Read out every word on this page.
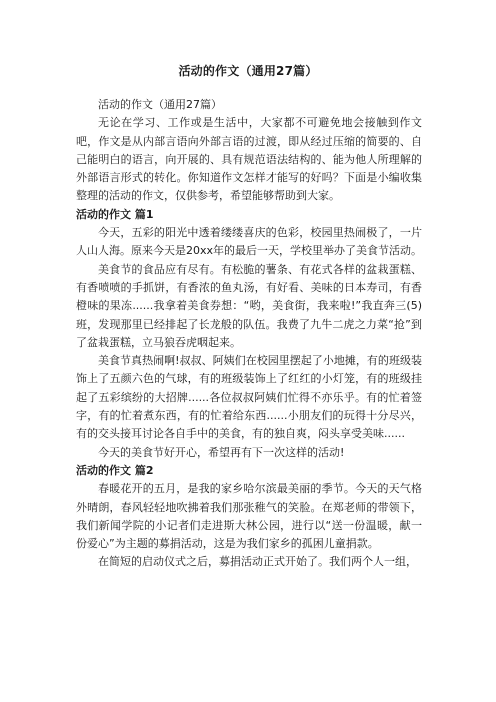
活动的作文（通用27篇）

活动的作文（通用27篇）

无论在学习、工作或是生活中，大家都不可避免地会接触到作文吧，作文是从内部言语向外部言语的过渡，即从经过压缩的简要的、自己能明白的语言，向开展的、具有规范语法结构的、能为他人所理解的外部语言形式的转化。你知道作文怎样才能写的好吗？下面是小编收集整理的活动的作文，仅供参考，希望能够帮助到大家。

活动的作文 篇1

今天，五彩的阳光中透着缕缕喜庆的色彩，校园里热闹极了，一片人山人海。原来今天是20xx年的最后一天，学校里举办了美食节活动。

美食节的食品应有尽有。有松脆的薯条、有花式各样的盆栽蛋糕、有香喷喷的手抓饼，有香浓的鱼丸汤，有好看、美味的日本寿司，有香橙味的果冻......我拿着美食券想：“哟，美食街，我来啦!”我直奔三(5)班，发现那里已经排起了长龙般的队伍。我费了九牛二虎之力菜“抢”到了盆栽蛋糕，立马狼吞虎咽起来。

美食节真热闹啊!叔叔、阿姨们在校园里摆起了小地摊，有的班级装饰上了五颜六色的气球，有的班级装饰上了红红的小灯笼，有的班级挂起了五彩缤纷的大招牌......各位叔叔阿姨们忙得不亦乐乎。有的忙着签字，有的忙着煮东西，有的忙着给东西......小朋友们的玩得十分尽兴，有的交头接耳讨论各自手中的美食，有的独自爽，闷头享受美味......

今天的美食节好开心，希望再有下一次这样的活动!

活动的作文 篇2

春暖花开的五月，是我的家乡哈尔滨最美丽的季节。今天的天气格外晴朗，春风轻轻地吹拂着我们那张稚气的笑脸。在郑老师的带领下，我们新闻学院的小记者们走进斯大林公园，进行以“送一份温暖，献一份爱心”为主题的募捐活动，这是为我们家乡的孤困儿童捐款。

在简短的启动仪式之后，募捐活动正式开始了。我们两个人一组，
